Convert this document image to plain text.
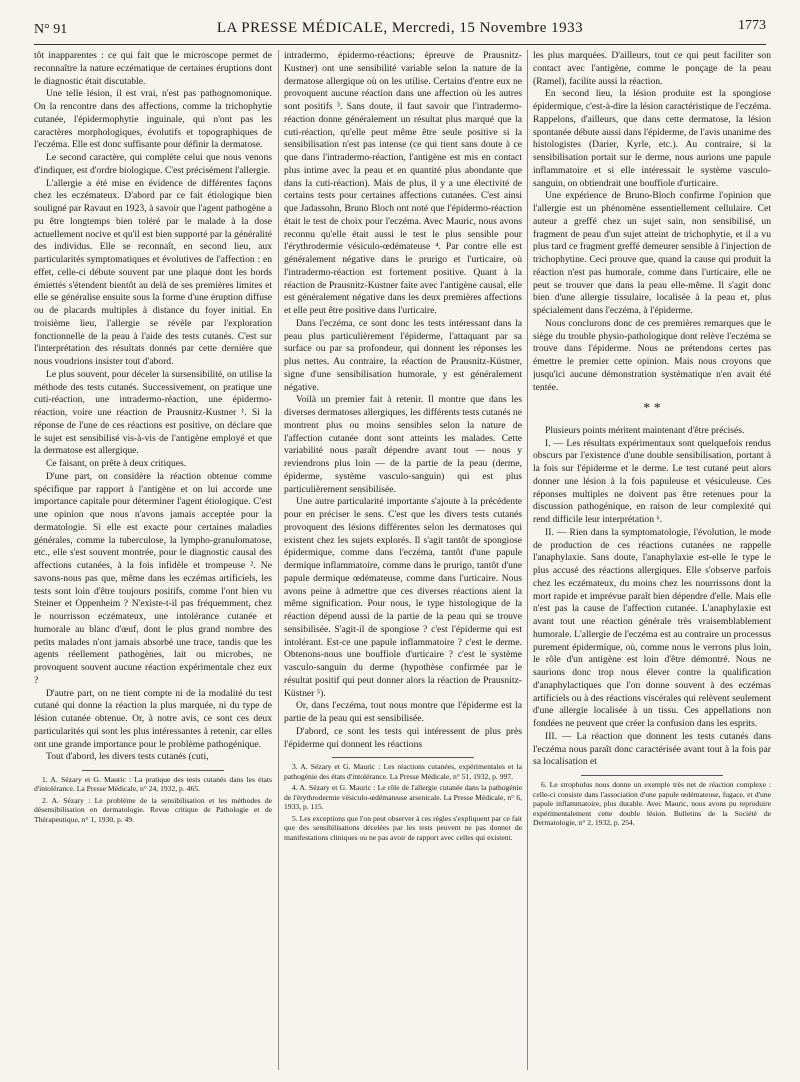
N° 91	LA PRESSE MÉDICALE, Mercredi, 15 Novembre 1933	1773

tôt inapparentes : ce qui fait que le microscope permet de reconnaître la nature eczématique de certaines éruptions dont le diagnostic était discutable.

Une telle lésion, il est vrai, n'est pas pathognomonique. On la rencontre dans des affections, comme la trichophytie cutanée, l'épidermophytie inguinale, qui n'ont pas les caractères morphologiques, évolutifs et topographiques de l'eczéma. Elle est donc suffisante pour définir la dermatose.

Le second caractère, qui complète celui que nous venons d'indiquer, est d'ordre biologique. C'est précisément l'allergie.

L'allergie a été mise en évidence de différentes façons chez les eczémateux. D'abord par ce fait étiologique bien souligné par Ravaut en 1923, à savoir que l'agent pathogène a pu être longtemps bien toléré par le malade à la dose actuellement nocive et qu'il est bien supporté par la généralité des individus. Elle se reconnaît, en second lieu, aux particularités symptomatiques et évolutives de l'affection : en effet, celle-ci débute souvent par une plaque dont les bords émiettés s'étendent bientôt au delà de ses premières limites et elle se généralise ensuite sous la forme d'une éruption diffuse ou de placards multiples à distance du foyer initial. En troisième lieu, l'allergie se révèle par l'exploration fonctionnelle de la peau à l'aide des tests cutanés. C'est sur l'interprétation des résultats donnés par cette dernière que nous voudrions insister tout d'abord.

Le plus souvent, pour déceler la sursensibilité, on utilise la méthode des tests cutanés. Successivement, on pratique une cuti-réaction, une intradermo-réaction, une épidermo-réaction, voire une réaction de Prausnitz-Kustner ¹. Si la réponse de l'une de ces réactions est positive, on déclare que le sujet est sensibilisé vis-à-vis de l'antigène employé et que la dermatose est allergique.

Ce faisant, on prête à deux critiques.

D'une part, on considère la réaction obtenue comme spécifique par rapport à l'antigène et on lui accorde une importance capitale pour déterminer l'agent étiologique. C'est une opinion que nous n'avons jamais acceptée pour la dermatologie. Si elle est exacte pour certaines maladies générales, comme la tuberculose, la lympho-granulomatose, etc., elle s'est souvent montrée, pour le diagnostic causal des affections cutanées, à la fois infidèle et trompeuse ². Ne savons-nous pas que, même dans les eczémas artificiels, les tests sont loin d'être toujours positifs, comme l'ont bien vu Steiner et Oppenheim ? N'existe-t-il pas fréquemment, chez le nourrisson eczémateux, une intolérance cutanée et humorale au blanc d'œuf, dont le plus grand nombre des petits malades n'ont jamais absorbé une trace, tandis que les agents réellement pathogènes, lait ou microbes, ne provoquent souvent aucune réaction expérimentale chez eux ?

D'autre part, on ne tient compte ni de la modalité du test cutané qui donne la réaction la plus marquée, ni du type de lésion cutanée obtenue. Or, à notre avis, ce sont ces deux particularités qui sont les plus intéressantes à retenir, car elles ont une grande importance pour le problème pathogénique.

Tout d'abord, les divers tests cutanés (cuti,

1. A. Sézary et G. Mauric : La pratique des tests cutanés dans les états d'intolérance. La Presse Médicale, n° 24, 1932, p. 465.

2. A. Sézary : Le problème de la sensibilisation et les méthodes de désensibilisation en dermatologie. Revue critique de Pathologie et de Thérapeutique, n° 1, 1930, p. 49.

intradermo, épidermo-réactions; épreuve de Prausnitz-Kustner) ont une sensibilité variable selon la nature de la dermatose allergique où on les utilise. Certains d'entre eux ne provoquent aucune réaction dans une affection où les autres sont positifs ³. Sans doute, il faut savoir que l'intradermo-réaction donne généralement un résultat plus marqué que la cuti-réaction, qu'elle peut même être seule positive si la sensibilisation n'est pas intense (ce qui tient sans doute à ce que dans l'intradermo-réaction, l'antigène est mis en contact plus intime avec la peau et en quantité plus abondante que dans la cuti-réaction). Mais de plus, il y a une électivité de certains tests pour certaines affections cutanées. C'est ainsi que Jadassohn, Bruno Bloch ont noté que l'épidermo-réaction était le test de choix pour l'eczéma. Avec Mauric, nous avons reconnu qu'elle était aussi le test le plus sensible pour l'érythrodermie vésiculo-œdémateuse ⁴. Par contre elle est généralement négative dans le prurigo et l'urticaire, où l'intradermo-réaction est fortement positive. Quant à la réaction de Prausnitz-Kustner faite avec l'antigène causal, elle est généralement négative dans les deux premières affections et elle peut être positive dans l'urticaire.

Dans l'eczéma, ce sont donc les tests intéressant dans la peau plus particulièrement l'épiderme, l'attaquant par sa surface ou par sa profondeur, qui donnent les réponses les plus nettes. Au contraire, la réaction de Prausnitz-Küstner, signe d'une sensibilisation humorale, y est généralement négative.

Voilà un premier fait à retenir. Il montre que dans les diverses dermatoses allergiques, les différents tests cutanés ne montrent plus ou moins sensibles selon la nature de l'affection cutanée dont sont atteints les malades. Cette variabilité nous paraît dépendre avant tout — nous y reviendrons plus loin — de la partie de la peau (derme, épiderme, système vasculo-sanguin) qui est plus particulièrement sensibilisée.

Une autre particularité importante s'ajoute à la précédente pour en préciser le sens. C'est que les divers tests cutanés provoquent des lésions différentes selon les dermatoses qui existent chez les sujets explorés. Il s'agit tantôt de spongiose épidermique, comme dans l'eczéma, tantôt d'une papule dermique inflammatoire, comme dans le prurigo, tantôt d'une papule dermique œdémateuse, comme dans l'urticaire. Nous avons peine à admettre que ces diverses réactions aient la même signification. Pour nous, le type histologique de la réaction dépend aussi de la partie de la peau qui se trouve sensibilisée. S'agit-il de spongiose ? c'est l'épiderme qui est intolérant. Est-ce une papule inflammatoire ? c'est le derme. Obtenons-nous une bouffiole d'urticaire ? c'est le système vasculo-sanguin du derme (hypothèse confirmée par le résultat positif qui peut donner alors la réaction de Prausnitz-Küstner ⁵).

Or, dans l'eczéma, tout nous montre que l'épiderme est la partie de la peau qui est sensibilisée.

D'abord, ce sont les tests qui intéressent de plus près l'épiderme qui donnent les réactions

3. A. Sézary et G. Mauric : Les réactions cutanées, expérimentales et la pathogénie des états d'intolérance. La Presse Médicale, n° 51, 1932, p. 997.

4. A. Sézary et G. Mauric : Le rôle de l'allergie cutanée dans la pathogénie de l'érythrodermie vésiculo-œdémateuse arsenicale. La Presse Médicale, n° 6, 1933, p. 115.

5. Les exceptions que l'on peut observer à ces règles s'expliquent par ce fait que des sensibilisations décelées par les tests peuvent ne pas donner de manifestations cliniques ou ne pas avoir de rapport avec celles qui existent.

les plus marquées. D'ailleurs, tout ce qui peut faciliter son contact avec l'antigène, comme le ponçage de la peau (Ramel), facilite aussi la réaction.

En second lieu, la lésion produite est la spongiose épidermique, c'est-à-dire la lésion caractéristique de l'eczéma. Rappelons, d'ailleurs, que dans cette dermatose, la lésion spontanée débute aussi dans l'épiderme, de l'avis unanime des histologistes (Darier, Kyrle, etc.). Au contraire, si la sensibilisation portait sur le derme, nous aurions une papule inflammatoire et si elle intéressait le système vasculo-sanguin, on obtiendrait une bouffiole d'urticaire.

Une expérience de Bruno-Bloch confirme l'opinion que l'allergie est un phénomène essentiellement cellulaire. Cet auteur a greffé chez un sujet sain, non sensibilisé, un fragment de peau d'un sujet atteint de trichophytie, et il a vu plus tard ce fragment greffé demeurer sensible à l'injection de trichophytine. Ceci prouve que, quand la cause qui produit la réaction n'est pas humorale, comme dans l'urticaire, elle ne peut se trouver que dans la peau elle-même. Il s'agit donc bien d'une allergie tissulaire, localisée à la peau et, plus spécialement dans l'eczéma, à l'épiderme.

Nous conclurons donc de ces premières remarques que le siège du trouble physio-pathologique dont relève l'eczéma se trouve dans l'épiderme. Nous ne prétendons certes pas émettre le premier cette opinion. Mais nous croyons que jusqu'ici aucune démonstration systématique n'en avait été tentée.

* *

Plusieurs points méritent maintenant d'être précisés.

I. — Les résultats expérimentaux sont quelquefois rendus obscurs par l'existence d'une double sensibilisation, portant à la fois sur l'épiderme et le derme. Le test cutané peut alors donner une lésion à la fois papuleuse et vésiculeuse. Ces réponses multiples ne doivent pas être retenues pour la discussion pathogénique, en raison de leur complexité qui rend difficile leur interprétation ⁶.

II. — Rien dans la symptomatologie, l'évolution, le mode de production de ces réactions cutanées ne rappelle l'anaphylaxie. Sans doute, l'anaphylaxie est-elle le type le plus accusé des réactions allergiques. Elle s'observe parfois chez les eczémateux, du moins chez les nourrissons dont la mort rapide et imprévue paraît bien dépendre d'elle. Mais elle n'est pas la cause de l'affection cutanée. L'anaphylaxie est avant tout une réaction générale très vraisemblablement humorale. L'allergie de l'eczéma est au contraire un processus purement épidermique, où, comme nous le verrons plus loin, le rôle d'un antigène est loin d'être démontré. Nous ne saurions donc trop nous élever contre la qualification d'anaphylactiques que l'on donne souvent à des eczémas artificiels ou à des réactions viscérales qui relèvent seulement d'une allergie localisée à un tissu. Ces appellations non fondées ne peuvent que créer la confusion dans les esprits.

III. — La réaction que donnent les tests cutanés dans l'eczéma nous paraît donc caractérisée avant tout à la fois par sa localisation et

6. Le strophulus nous donne un exemple très net de réaction complexe : celle-ci consiste dans l'association d'une papule œdémateuse, fugace, et d'une papule inflammatoire, plus durable. Avec Mauric, nous avons pu reproduire expérimentalement cette double lésion. Bulletins de la Société de Dermatologie, n° 2, 1932, p. 254.
